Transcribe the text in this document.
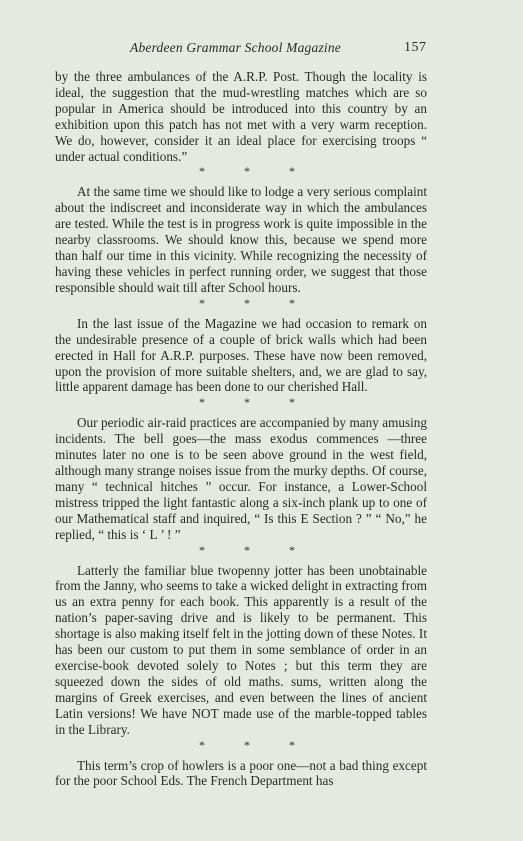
Aberdeen Grammar School Magazine	157

by the three ambulances of the A.R.P. Post. Though the locality is ideal, the suggestion that the mud-wrestling matches which are so popular in America should be introduced into this country by an exhibition upon this patch has not met with a very warm reception. We do, however, consider it an ideal place for exercising troops “ under actual conditions.”

* * *

At the same time we should like to lodge a very serious complaint about the indiscreet and inconsiderate way in which the ambulances are tested. While the test is in progress work is quite impossible in the nearby classrooms. We should know this, because we spend more than half our time in this vicinity. While recognizing the necessity of having these vehicles in perfect running order, we suggest that those responsible should wait till after School hours.

* * *

In the last issue of the Magazine we had occasion to remark on the undesirable presence of a couple of brick walls which had been erected in Hall for A.R.P. purposes. These have now been removed, upon the provision of more suitable shelters, and, we are glad to say, little apparent damage has been done to our cherished Hall.

* * *

Our periodic air-raid practices are accompanied by many amusing incidents. The bell goes—the mass exodus commences —three minutes later no one is to be seen above ground in the west field, although many strange noises issue from the murky depths. Of course, many “ technical hitches ” occur. For instance, a Lower-School mistress tripped the light fantastic along a six-inch plank up to one of our Mathematical staff and inquired, “ Is this E Section ? ” “ No,” he replied, “ this is ‘ L ’ ! ”

* * *

Latterly the familiar blue twopenny jotter has been unobtainable from the Janny, who seems to take a wicked delight in extracting from us an extra penny for each book. This apparently is a result of the nation’s paper-saving drive and is likely to be permanent. This shortage is also making itself felt in the jotting down of these Notes. It has been our custom to put them in some semblance of order in an exercise-book devoted solely to Notes ; but this term they are squeezed down the sides of old maths. sums, written along the margins of Greek exercises, and even between the lines of ancient Latin versions! We have NOT made use of the marble-topped tables in the Library.

* * *

This term’s crop of howlers is a poor one—not a bad thing except for the poor School Eds. The French Department has
